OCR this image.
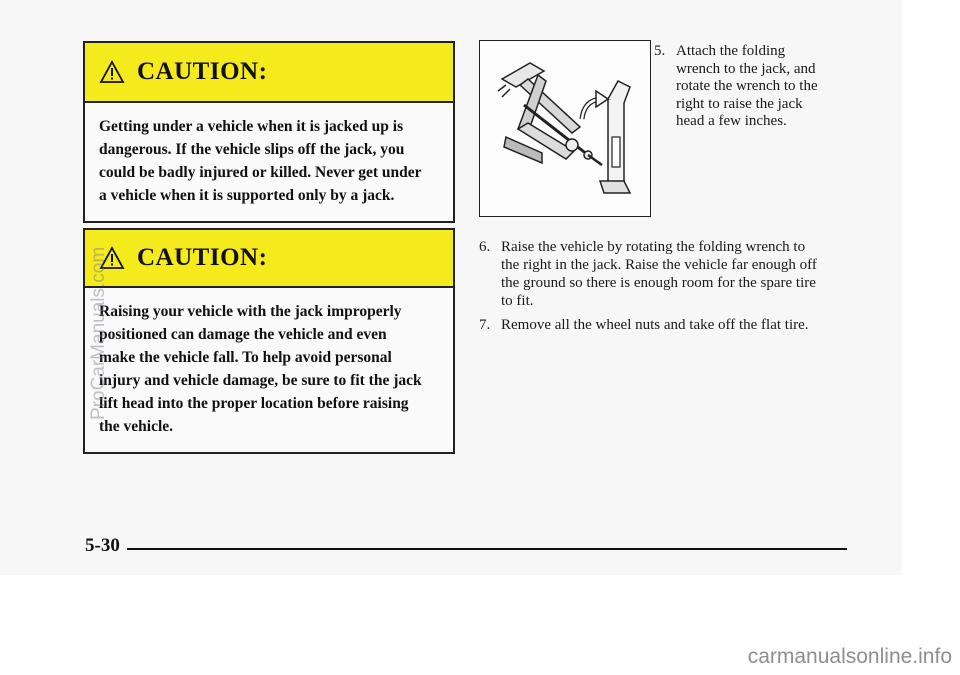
CAUTION:
Getting under a vehicle when it is jacked up is
dangerous. If the vehicle slips off the jack, you
could be badly injured or killed. Never get under
a vehicle when it is supported only by a jack.
CAUTION:
Raising your vehicle with the jack improperly
positioned can damage the vehicle and even
make the vehicle fall. To help avoid personal
injury and vehicle damage, be sure to fit the jack
lift head into the proper location before raising
the vehicle.
5. Attach the folding
wrench to the jack, and
rotate the wrench to the
right to raise the jack
head a few inches.
6. Raise the vehicle by rotating the folding wrench to
the right in the jack. Raise the vehicle far enough off
the ground so there is enough room for the spare tire
to fit.
7. Remove all the wheel nuts and take off the flat tire.
5-30
ProCarManuals.com
carmanualsonline.info
